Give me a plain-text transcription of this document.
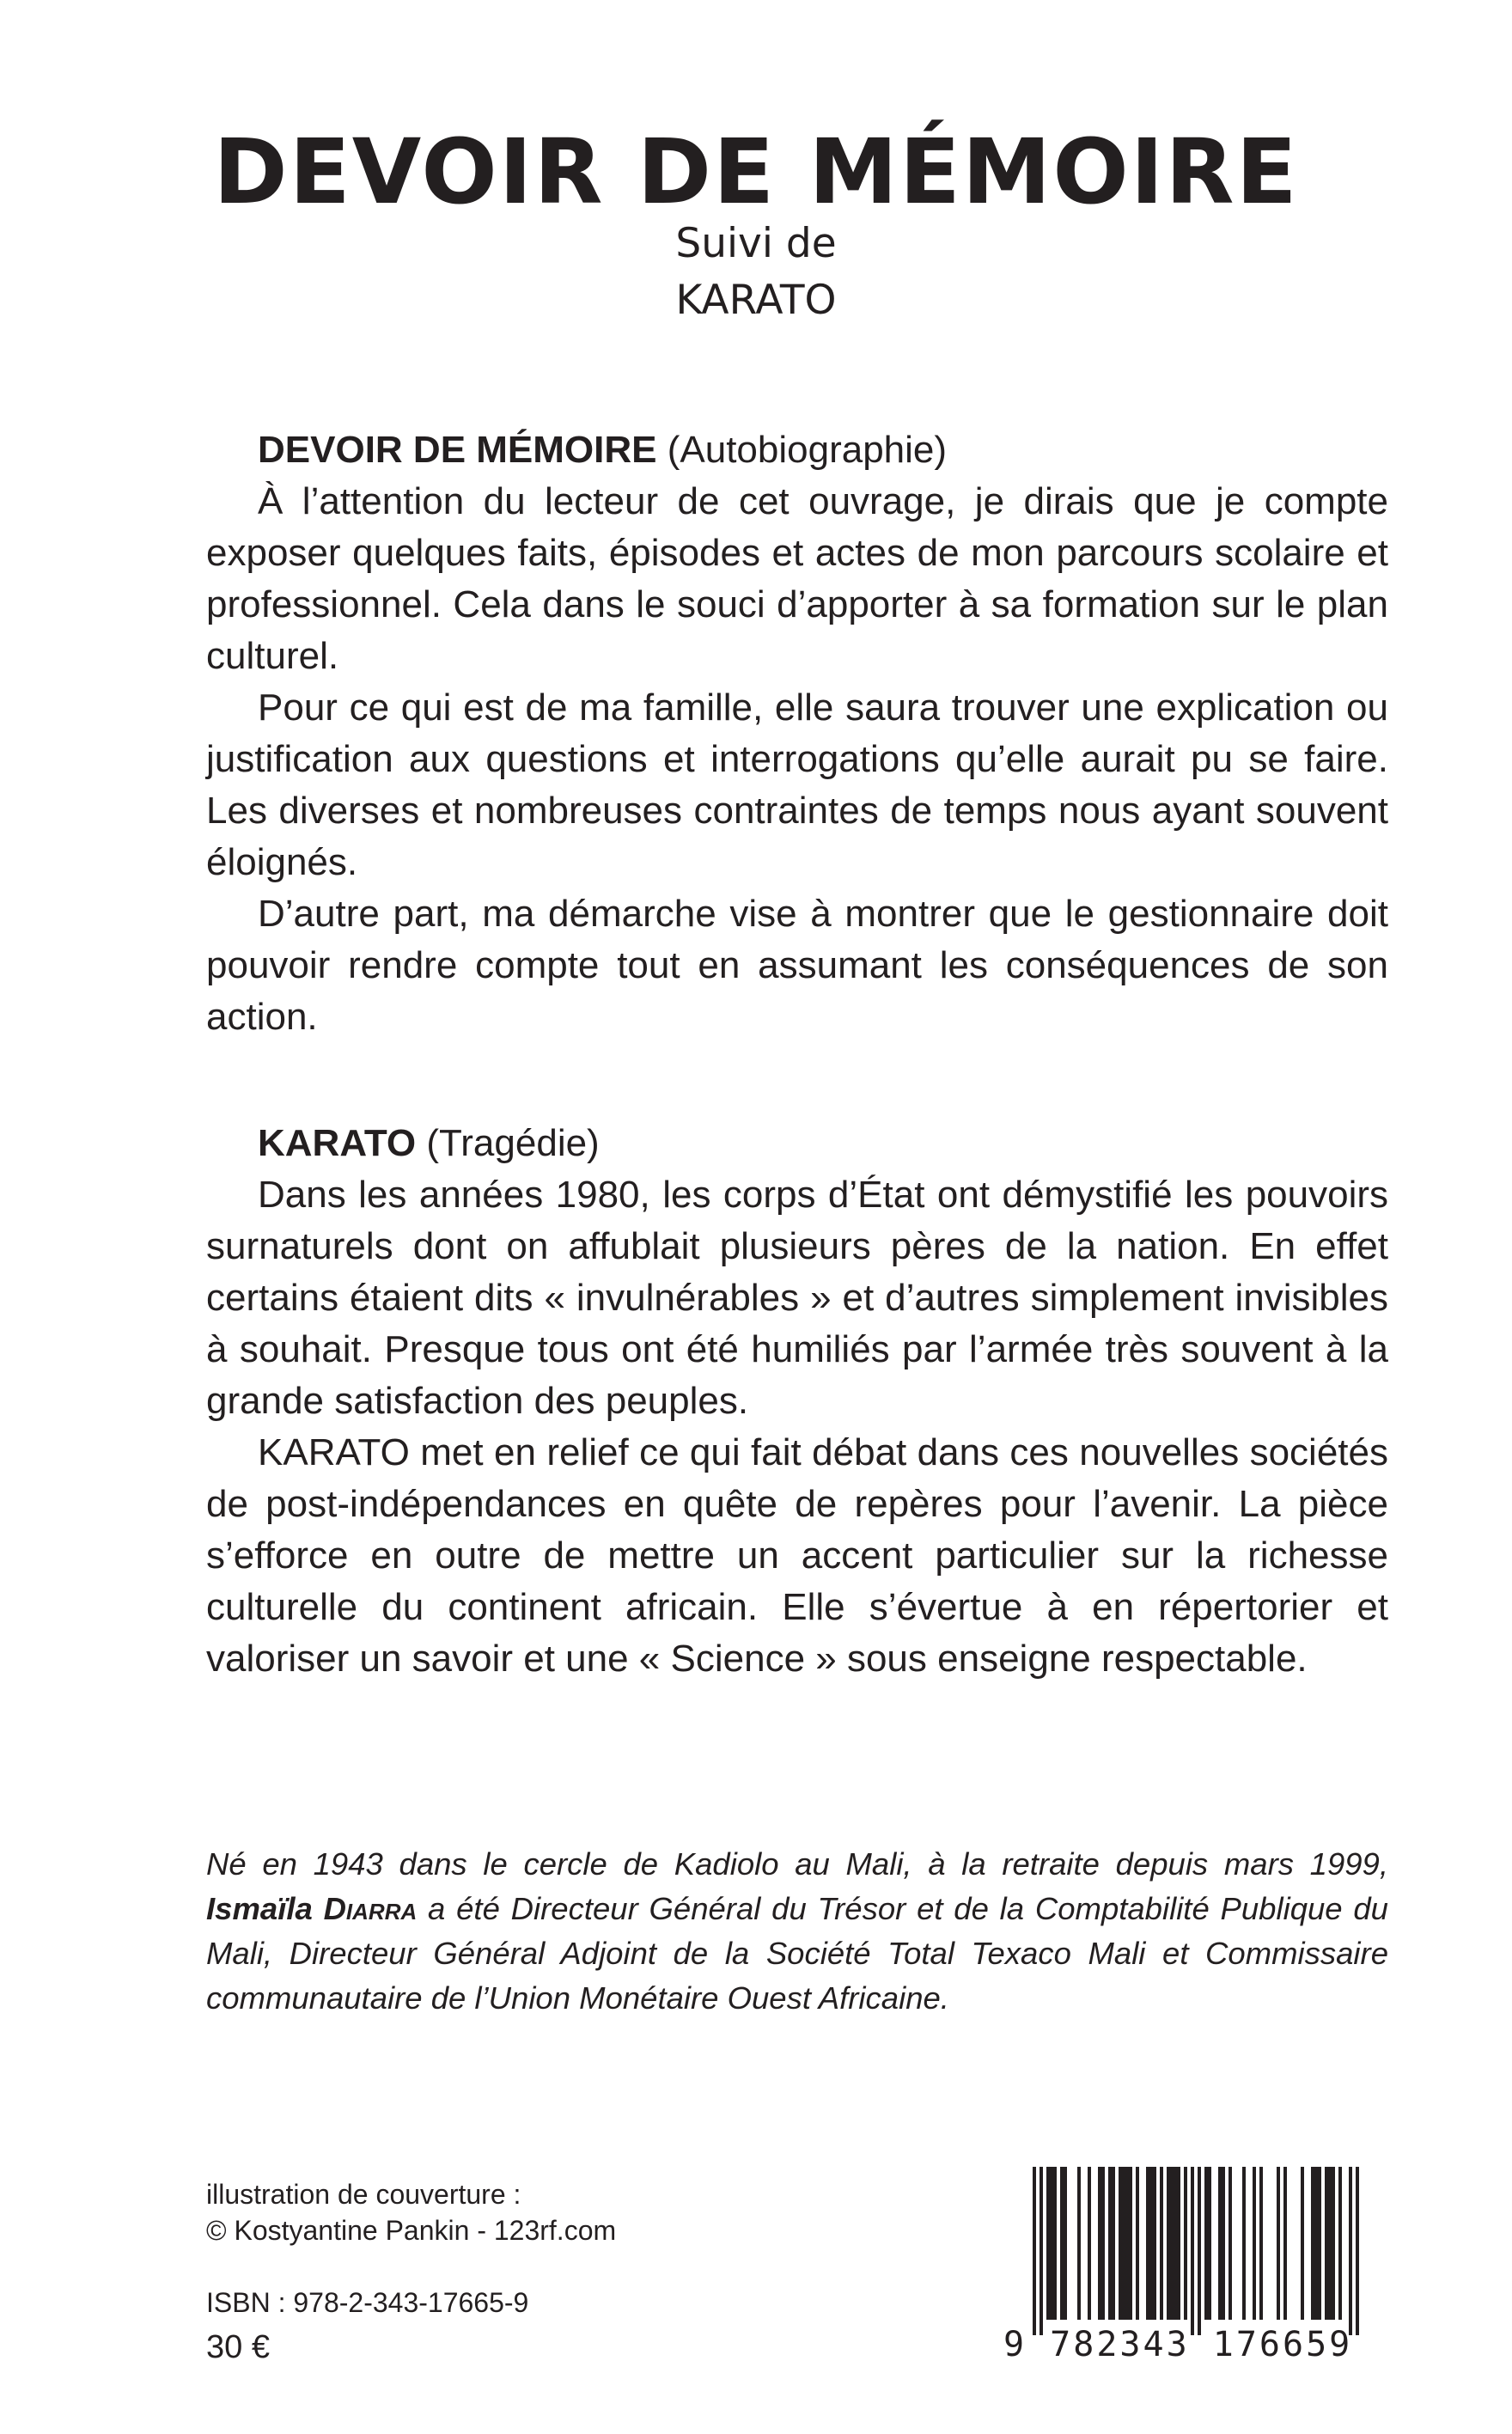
DEVOIR DE MÉMOIRE
Suivi de
KARATO

DEVOIR DE MÉMOIRE (Autobiographie)

À l’attention du lecteur de cet ouvrage, je dirais que je compte exposer quelques faits, épisodes et actes de mon parcours scolaire et professionnel. Cela dans le souci d’apporter à sa formation sur le plan culturel.

Pour ce qui est de ma famille, elle saura trouver une explication ou justification aux questions et interrogations qu’elle aurait pu se faire. Les diverses et nombreuses contraintes de temps nous ayant souvent éloignés.

D’autre part, ma démarche vise à montrer que le gestionnaire doit pouvoir rendre compte tout en assumant les conséquences de son action.

KARATO (Tragédie)

Dans les années 1980, les corps d’État ont démystifié les pouvoirs surnaturels dont on affublait plusieurs pères de la nation. En effet certains étaient dits « invulnérables » et d’autres simplement invisibles à souhait. Presque tous ont été humiliés par l’armée très souvent à la grande satisfaction des peuples.

KARATO met en relief ce qui fait débat dans ces nouvelles sociétés de post-indépendances en quête de repères pour l’avenir. La pièce s’efforce en outre de mettre un accent particulier sur la richesse culturelle du continent africain. Elle s’évertue à en répertorier et valoriser un savoir et une « Science » sous enseigne respectable.

Né en 1943 dans le cercle de Kadiolo au Mali, à la retraite depuis mars 1999, Ismaïla Diarra a été Directeur Général du Trésor et de la Comptabilité Publique du Mali, Directeur Général Adjoint de la Société Total Texaco Mali et Commissaire communautaire de l’Union Monétaire Ouest Africaine.
illustration de couverture :
© Kostyantine Pankin - 123rf.com
ISBN : 978-2-343-17665-9
30 €	9 782343 176659
